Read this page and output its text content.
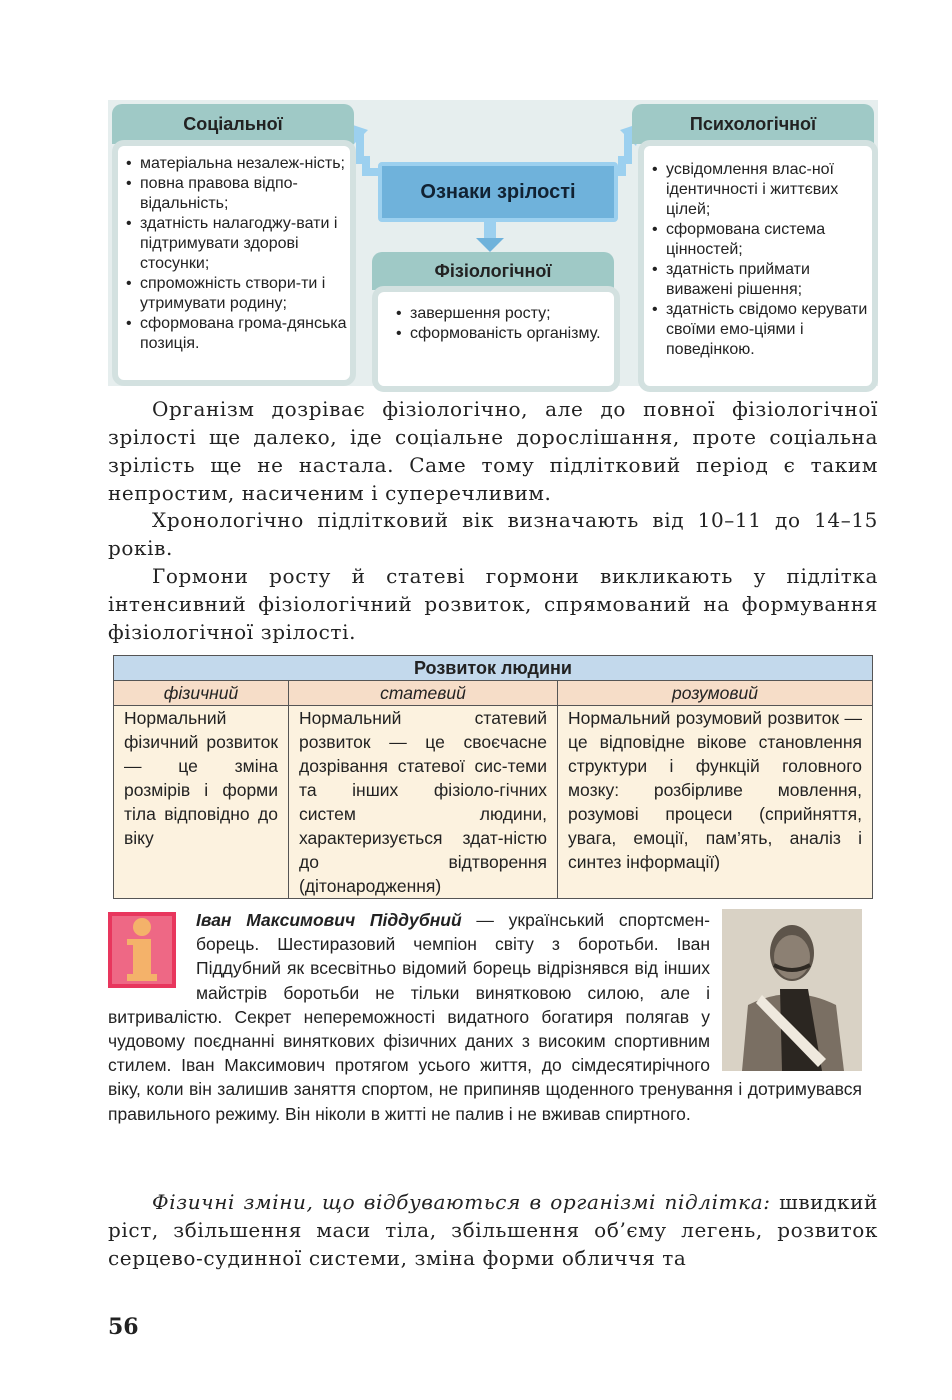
Ознаки зрілості
Соціальної
• матеріальна незалеж-ність;
• повна правова відпо-відальність;
• здатність налагоджу-вати і підтримувати здорові стосунки;
• спроможність створи-ти і утримувати родину;
• сформована грома-дянська позиція.
Психологічної
• усвідомлення влас-ної ідентичності і життєвих цілей;
• сформована система цінностей;
• здатність приймати виважені рішення;
• здатність свідомо керувати своїми емо-ціями і поведінкою.
Фізіологічної
• завершення росту;
• сформованість організму.
Організм дозріває фізіологічно, але до повної фізіологічної зрілості ще далеко, іде соціальне дорослішання, проте соціальна зрілість ще не настала. Саме тому підлітковий період є таким непростим, насиченим і суперечливим.
Хронологічно підлітковий вік визначають від 10–11 до 14–15 років.
Гормони росту й статеві гормони викликають у підлітка інтенсивний фізіологічний розвиток, спрямований на формування фізіологічної зрілості.
Розвиток людини		
фізичний	статевий	розумовий
Нормальний фізичний розвиток — це зміна розмірів і форми тіла відповідно до віку	Нормальний статевий розвиток — це своєчасне дозрівання статевої сис-теми та інших фізіоло-гічних систем людини, характеризується здат-ністю до відтворення (дітонародження)	Нормальний розумовий розвиток — це відповідне вікове становлення структури і функцій головного мозку: розбірливе мовлення, розумові процеси (сприйняття, увага, емоції, пам’ять, аналіз і синтез інформації)
Іван Максимович Піддубний — український спортсмен-борець. Шестиразовий чемпіон світу з боротьби. Іван Піддубний як всесвітньо відомий борець відрізнявся від інших майстрів боротьби не тільки винятковою силою, але і витривалістю. Секрет непереможності видатного богатиря полягав у чудовому поєднанні виняткових фізичних даних з високим спортивним стилем. Іван Максимович протягом усього життя, до сімдесятирічного віку, коли він залишив заняття спортом, не припиняв щоденного тренування і дотримувався правильного режиму. Він ніколи в житті не палив і не вживав спиртного.
Фізичні зміни, що відбуваються в організмі підлітка: швидкий ріст, збільшення маси тіла, збільшення об’єму легень, розвиток серцево-судинної системи, зміна форми обличчя та
56
